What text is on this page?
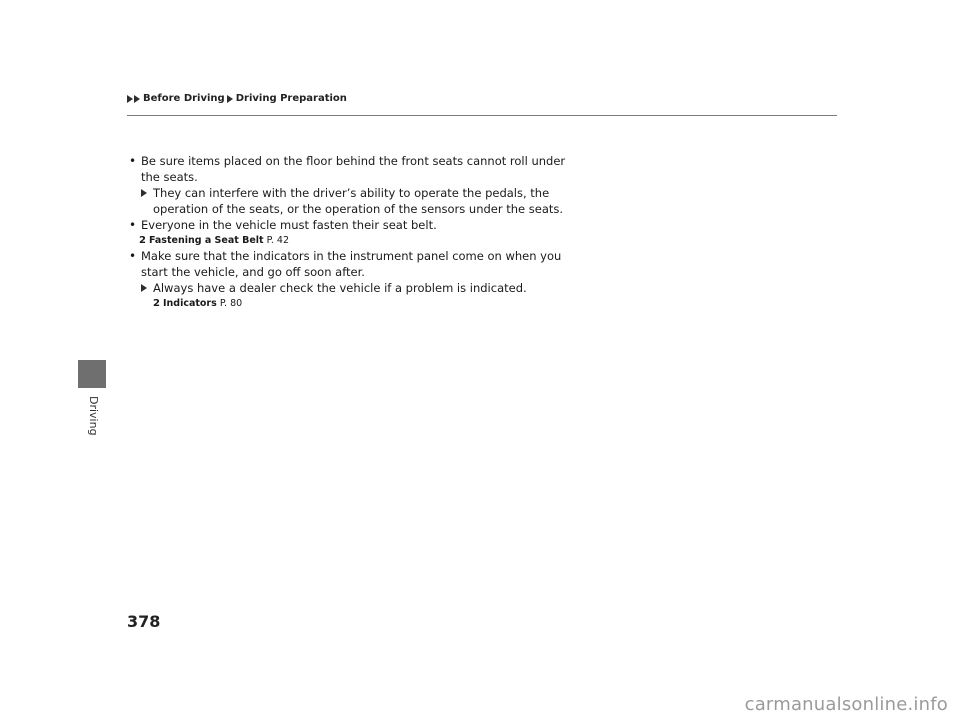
Before Driving Driving Preparation
Driving
• Be sure items placed on the floor behind the front seats cannot roll under the seats.
They can interfere with the driver’s ability to operate the pedals, the operation of the seats, or the operation of the sensors under the seats.
• Everyone in the vehicle must fasten their seat belt.
2 Fastening a Seat Belt P. 42
• Make sure that the indicators in the instrument panel come on when you start the vehicle, and go off soon after.
Always have a dealer check the vehicle if a problem is indicated.
2 Indicators P. 80
378
carmanualsonline.info
